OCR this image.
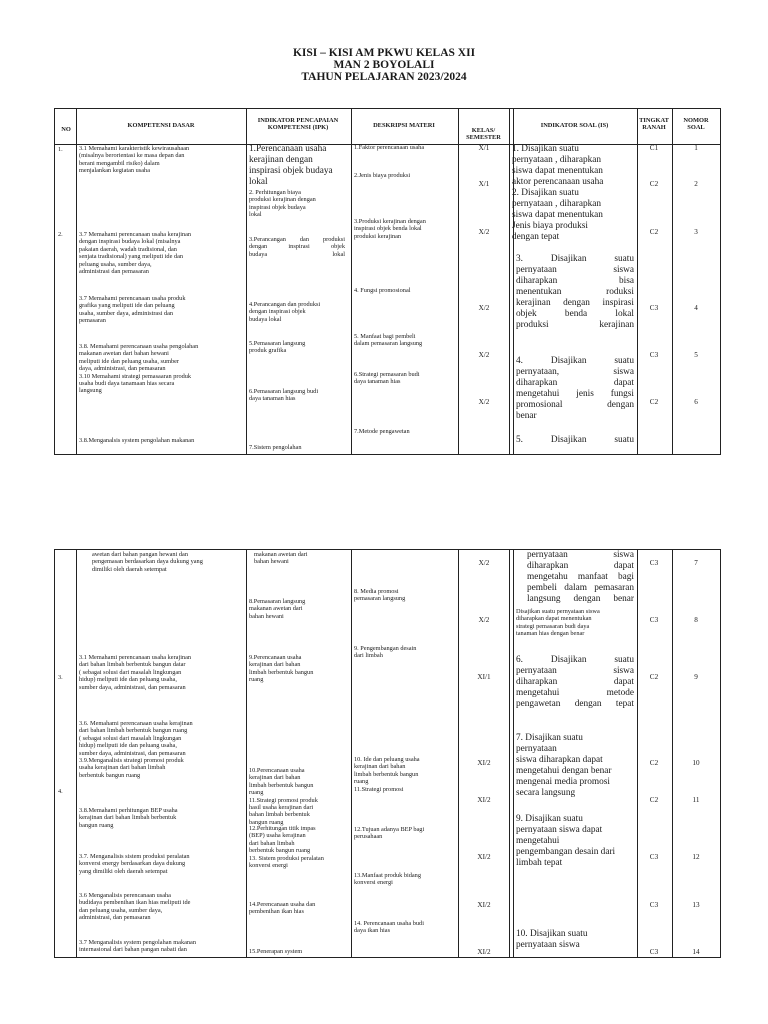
KISI – KISI AM PKWU KELAS XII
MAN 2 BOYOLALI
TAHUN PELAJARAN 2023/2024
NO
KOMPETENSI DASAR
INDIKATOR PENCAPAIAN
KOMPETENSI (IPK)	DESKRIPSI MATERI
KELAS/
SEMESTER
INDIKATOR SOAL (IS)
TINGKAT
RANAH
NOMOR
SOAL
1.
2.
3.1 Memahami karakteristik kewirausahaan
(misalnya berorientasi ke masa depan dan
berani mengambil risiko) dalam
menjalankan kegiatan usaha
3.7 Memahami perencanaan usaha kerajinan
dengan inspirasi budaya lokal (misalnya
pakaian daerah, wadah tradisional, dan
senjata tradisional) yang meliputi ide dan
peluang usaha, sumber daya,
administrasi dan pemasaran
3.7 Memahami perencanaan usaha produk
grafika yang meliputi ide dan peluang
usaha, sumber daya, administrasi dan
pemasaran
3.8. Memahami perencanaan usaha pengolahan
makanan awetan dari bahan hewani
meliputi ide dan peluang usaha, sumber
daya, administrasi, dan pemasaran
3.10 Memahami strategi pemasaaran produk
usaha budi daya tanamaan hias secara
langsung
3.8.Menganalsis system pengolahan makanan
1.Perencanaan usaha
kerajinan dengan
inspirasi objek budaya
lokal
2. Perhitungan biaya
produksi kerajinan dengan
inspirasi objek budaya
lokal
3.Perancangan dan produksi
dengan inspirasi objek
budaya lokal
4.Perancangan dan produksi
dengan inspirasi objek
budaya lokal
5.Pemasaran langsung
produk grafika
6.Pemasaran langsung budi
daya tanaman hias
7.Sistem pengolahan
1.Faktor perencanaan usaha
2.Jenis biaya produksi
3.Produksi kerajinan dengan
inspirasi objek benda lokal
produksi kerajinan
4. Fungsi promosional
5. Manfaat bagi pembeli
dalam pemasaran langsung
6.Strategi pemasaran budi
daya tanaman hias
7.Metode pengawetan
X/1
X/1
X/2
X/2
X/2
X/2
1. Disajikan suatu
pernyataan , diharapkan
siswa dapat menentukan
aktor perencanaan usaha
2. Disajikan suatu
pernyataan , diharapkan
siswa dapat menentukan
Jenis biaya produksi
dengan tepat
3. Disajikan suatu
pernyataan siswa
diharapkan bisa
menentukan roduksi
kerajinan dengan inspirasi
objek benda lokal
produksi kerajinan
4. Disajikan suatu
pernyataan, siswa
diharapkan dapat
mengetahui jenis fungsi
promosional dengan
benar
5. Disajikan suatu
C1
C2
C2
C3
C3
C2
1
2
3
4
5
6
3.
4.
awetan dari bahan pangan hewani dan
pengemasan berdasarkan daya dukung yang
dimiliki oleh daerah setempat
3.1 Memahami perencanaan usaha kerajinan
dari bahan limbah berbentuk bangun datar
( sebagai solusi dari masalah lingkungan
hidup) meliputi ide dan peluang usaha,
sumber daya, administrasi, dan pemasaran
3.6. Memahami perencanaan usaha kerajinan
dari bahan limbah berbentuk bangun ruang
( sebagai solusi dari masalah lingkungan
hidup) meliputi ide dan peluang usaha,
sumber daya, administrasi, dan pemasaran
3.9.Menganalisis strategi promosi produk
usaha kerajinan dari bahan limbah
berbentuk bangun ruang
3.8.Memahami perhitungan BEP usaha
kerajinan dari bahan limbah berbentuk
bangun ruang
3.7. Menganalisis sistem produksi peralatan
konversi energy berdasarkan daya dukung
yang dimiliki oleh daerah setempat
3.6 Menganalisis perencanaan usaha
budidaya pembenihan ikan hias meliputi ide
dan peluang usaha, sumber daya,
administrasi, dan pemasaran
3.7 Menganalisis system pengolahan makanan
internasional dari bahan pangan nabati dan
makanan awetan dari
bahan hewani
8.Pemasaran langsung
makanan awetan dari
bahan hewani
9.Perencanaan usaha
kerajinan dari bahan
limbah berbentuk bangun
ruang
10.Perencanaan usaha
kerajinan dari bahan
limbah berbentuk bangun
ruang
11.Strategi promosi produk
hasil usaha kerajinan dari
bahan limbah berbentuk
bangun ruang
12.Perhitungan titik impas
(BEP) usaha kerajinan
dari bahan limbah
berbentuk bangun ruang
13. Sistem produksi peralatan
konversi energi
14.Perencanaan usaha dan
pembenihan ikan hias
15.Penerapan system
8. Media promosi
pemasaran langsung
9. Pengembangan desain
dari limbah
10. Ide dan peluang usaha
kerajinan dari bahan
limbah berbentuk bangun
ruang
11.Strategi promosi
12.Tujuan adanya BEP bagi
perusahaan
13.Manfaat produk bidang
konversi energi
14. Perencanaan usaha budi
daya ikan hias
X/2
X/2
XI/1
XI/2
XI/2
XI/2
XI/2
XI/2
pernyataan siswa
diharapkan dapat
mengetahu manfaat bagi
pembeli dalam pemasaran
langsung dengan benar
Disajikan suatu pernyataan siswa
diharapkan dapat menentukan
strategi pemasaran budi daya
tanaman hias dengan benar
6. Disajikan suatu
pernyataan siswa
diharapkan dapat
mengetahui metode
pengawetan dengan tepat
7. Disajikan suatu
pernyataan
siswa diharapkan dapat
mengetahui dengan benar
mengenai media promosi
secara langsung
9. Disajikan suatu
pernyataan siswa dapat
mengetahui
pengembangan desain dari
limbah tepat
10. Disajikan suatu
pernyataan siswa
C3
C3
C2
C2
C2
C3
C3
C3
7
8
9
10
11
12
13
14
